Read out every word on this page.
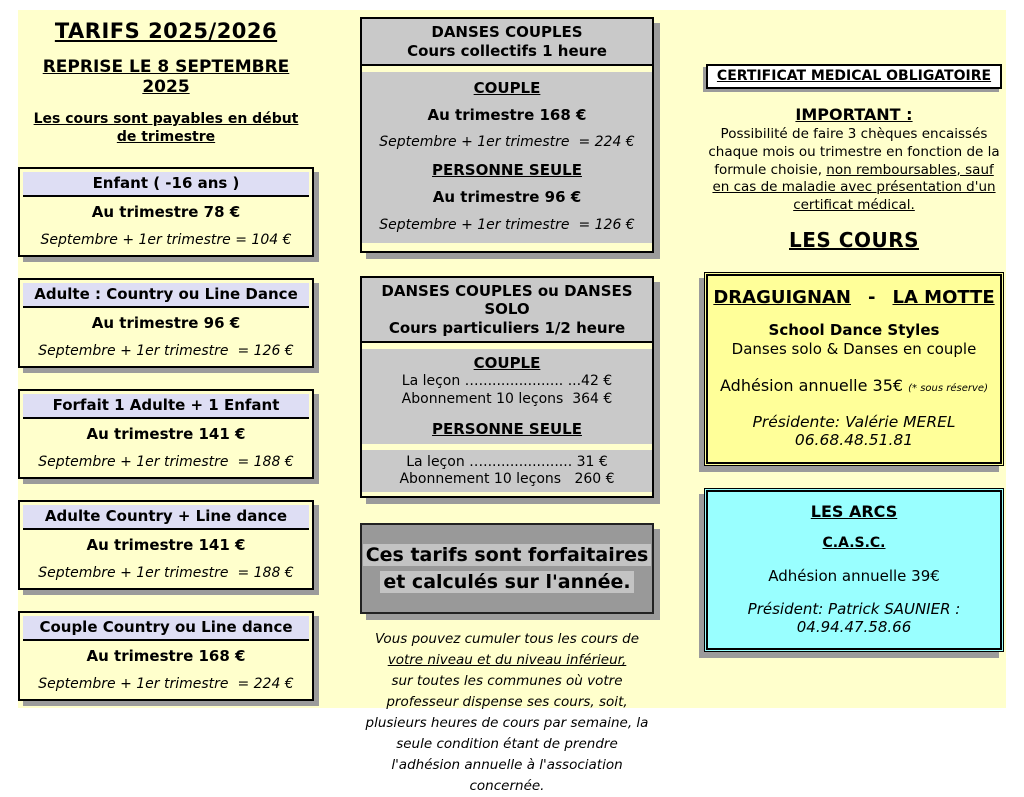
TARIFS 2025/2026
REPRISE LE 8 SEPTEMBRE 2025
Les cours sont payables en début de trimestre
Enfant ( -16 ans )
Au trimestre 78 €
Septembre + 1er trimestre = 104 €
Adulte : Country ou Line Dance
Au trimestre 96 €
Septembre + 1er trimestre  = 126 €
Forfait 1 Adulte + 1 Enfant
Au trimestre 141 €
Septembre + 1er trimestre  = 188 €
Adulte Country + Line dance
Au trimestre 141 €
Septembre + 1er trimestre  = 188 €
Couple Country ou Line dance
Au trimestre 168 €
Septembre + 1er trimestre  = 224 €
DANSES COUPLES
Cours collectifs 1 heure
COUPLE
Au trimestre 168 €
Septembre + 1er trimestre  = 224 €
PERSONNE SEULE
Au trimestre 96 €
Septembre + 1er trimestre  = 126 €
DANSES COUPLES ou DANSES SOLO
Cours particuliers 1/2 heure
COUPLE
La leçon …................... ...42 €
Abonnement 10 leçons  364 €
PERSONNE SEULE
La leçon ….................... 31 €
Abonnement 10 leçons   260 €
Ces tarifs sont forfaitaires
et calculés sur l'année.
Vous pouvez cumuler tous les cours de
votre niveau et du niveau inférieur,
sur toutes les communes où votre professeur dispense ses cours, soit, plusieurs heures de cours par semaine, la seule condition étant de prendre l'adhésion annuelle à l'association concernée.
CERTIFICAT MEDICAL OBLIGATOIRE
IMPORTANT :
Possibilité de faire 3 chèques encaissés chaque mois ou trimestre en fonction de la formule choisie, non remboursables, sauf en cas de maladie avec présentation d'un certificat médical.
LES COURS
DRAGUIGNAN - LA MOTTE
School Dance Styles
Danses solo & Danses en couple
Adhésion annuelle 35€ (* sous réserve)
Présidente: Valérie MEREL
06.68.48.51.81
LES ARCS
C.A.S.C.
Adhésion annuelle 39€
Président: Patrick SAUNIER :
04.94.47.58.66
